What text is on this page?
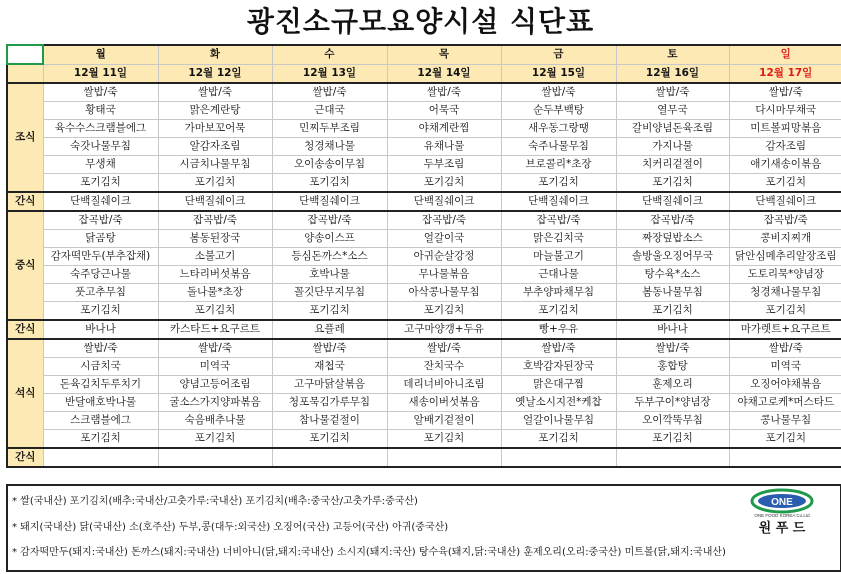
광진소규모요양시설 식단표
	월	화	수	목	금	토	일
	12월 11일	12월 12일	12월 13일	12월 14일	12월 15일	12월 16일	12월 17일
조식	쌀밥/죽	쌀밥/죽	쌀밥/죽	쌀밥/죽	쌀밥/죽	쌀밥/죽	쌀밥/죽
	황태국	맑은계란탕	근대국	어묵국	순두부백탕	열무국	다시마무채국
	육수수스크램블에그	가마보꼬어묵	민찌두부조림	야채계란찜	새우동그랑땡	갈비양념돈육조림	미트볼피망볶음
	숙갓나물무침	알감자조림	청경채나물	유채나물	숙주나물무침	가지나물	감자조림
	무생채	시금치나물무침	오이송송이무침	두부조림	브로콜리*초장	치커리겉절이	애기새송이볶음
	포기김치	포기김치	포기김치	포기김치	포기김치	포기김치	포기김치
간식	단백질쉐이크	단백질쉐이크	단백질쉐이크	단백질쉐이크	단백질쉐이크	단백질쉐이크	단백질쉐이크
중식	잡곡밥/죽	잡곡밥/죽	잡곡밥/죽	잡곡밥/죽	잡곡밥/죽	잡곡밥/죽	잡곡밥/죽
	닭곰탕	봄동된장국	양송이스프	얼갈이국	맑은김치국	짜장덮밥소스	콩비지찌개
	감자떡만두(부추잡채)	소불고기	등심돈까스*소스	아귀순살강정	마늘불고기	솔방울오징어무국	닭안심메추리알장조림
	숙주당근나물	느타리버섯볶음	호박나물	무나물볶음	근대나물	탕수육*소스	도토리묵*양념장
	풋고추무침	돌나물*초장	꼴깃단무지무침	아삭콩나물무침	부추양파채무침	봄동나물무침	청경채나물무침
	포기김치	포기김치	포기김치	포기김치	포기김치	포기김치	포기김치
간식	바나나	카스타드+요구르트	요플레	고구마양갱+두유	빵+우유	바나나	마가렛트+요구르트
석식	쌀밥/죽	쌀밥/죽	쌀밥/죽	쌀밥/죽	쌀밥/죽	쌀밥/죽	쌀밥/죽
	시금치국	미역국	재첩국	잔치국수	호박감자된장국	홍합탕	미역국
	돈육김치두루치기	양념고등어조림	고구마닭살볶음	데리너비아니조림	맑은대구찜	훈제오리	오징어야채볶음
	반달애호박나물	굴소스가지양파볶음	청포묵김가루무침	새송이버섯볶음	옛날소시지전*케찹	두부구이*양념장	야채고로케*머스타드
	스크램블에그	숙음배추나물	참나물겉절이	알배기겉절이	얼갈이나물무침	오이깍뚝무침	콩나물무침
	포기김치	포기김치	포기김치	포기김치	포기김치	포기김치	포기김치
간식							
* 쌀(국내산) 포기김치(배추:국내산/고춧가루:국내산) 포기김치(배추:중국산/고춧가루:중국산)
* 돼지(국내산) 닭(국내산) 소(호주산) 두부,콩(대두:외국산) 오징어(국산) 고등어(국산) 아귀(중국산)
* 감자떡만두(돼지:국내산) 돈까스(돼지:국내산) 너비아니(닭,돼지:국내산) 소시지(돼지:국산) 탕수육(돼지,닭:국내산) 훈제오리(오리:중국산) 미트볼(닭,돼지:국내산)
ONE
ONE FOOD KOREA Co.Ltd
원 푸 드
